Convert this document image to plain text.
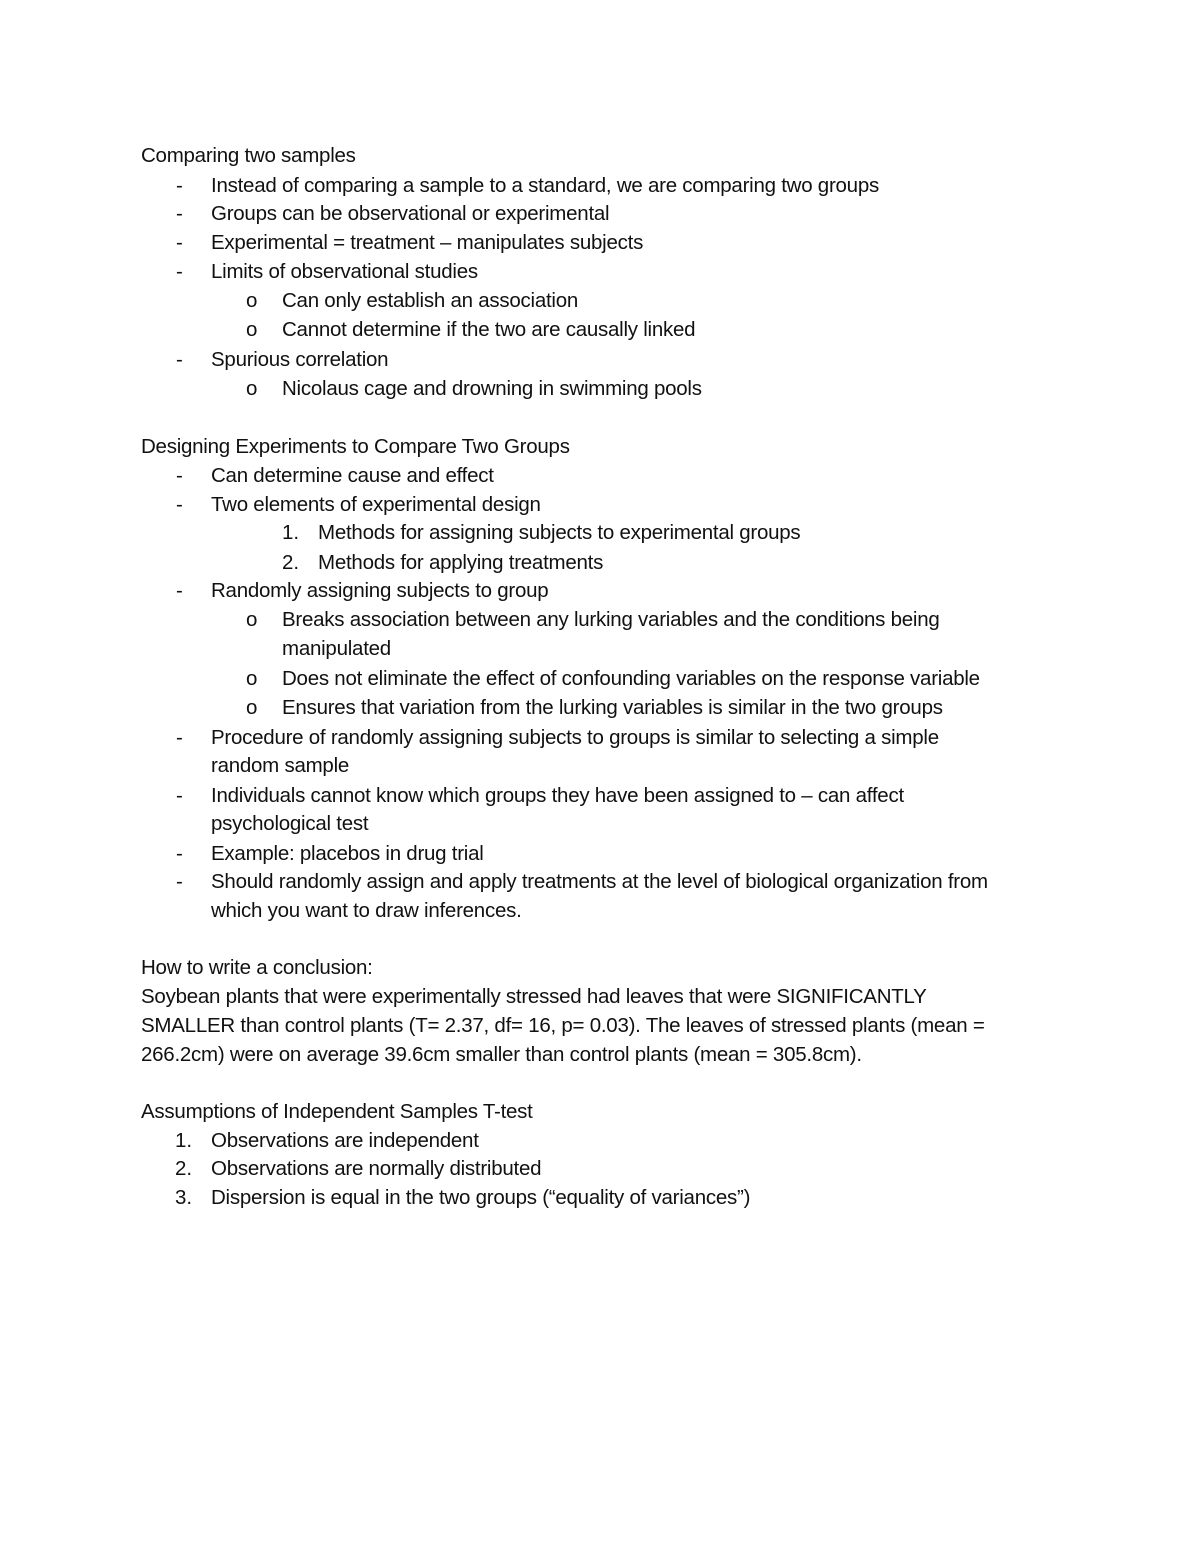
Comparing two samples
- Instead of comparing a sample to a standard, we are comparing two groups
- Groups can be observational or experimental
- Experimental = treatment – manipulates subjects
- Limits of observational studies
o Can only establish an association
o Cannot determine if the two are causally linked
- Spurious correlation
o Nicolaus cage and drowning in swimming pools
Designing Experiments to Compare Two Groups
- Can determine cause and effect
- Two elements of experimental design
1. Methods for assigning subjects to experimental groups
2. Methods for applying treatments
- Randomly assigning subjects to group
o Breaks association between any lurking variables and the conditions being
manipulated
o Does not eliminate the effect of confounding variables on the response variable
o Ensures that variation from the lurking variables is similar in the two groups
- Procedure of randomly assigning subjects to groups is similar to selecting a simple
random sample
- Individuals cannot know which groups they have been assigned to – can affect
psychological test
- Example: placebos in drug trial
- Should randomly assign and apply treatments at the level of biological organization from
which you want to draw inferences.
How to write a conclusion:
Soybean plants that were experimentally stressed had leaves that were SIGNIFICANTLY
SMALLER than control plants (T= 2.37, df= 16, p= 0.03). The leaves of stressed plants (mean =
266.2cm) were on average 39.6cm smaller than control plants (mean = 305.8cm).
Assumptions of Independent Samples T-test
1. Observations are independent
2. Observations are normally distributed
3. Dispersion is equal in the two groups (“equality of variances”)
